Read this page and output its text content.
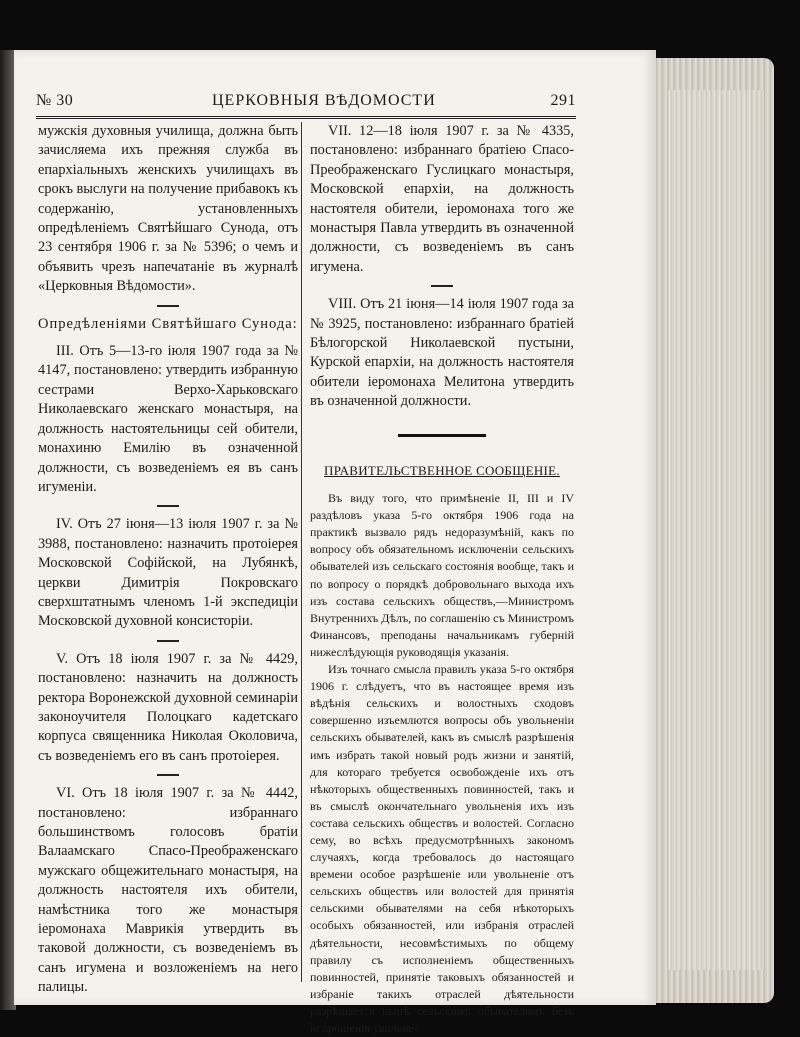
№ 30	ЦЕРКОВНЫЯ ВѢДОМОСТИ	291

мужскія духовныя училища, должна быть зачисляема ихъ прежняя служба въ епархіальныхъ женскихъ училищахъ въ срокъ выслуги на получение прибавокъ къ содержанію, установленныхъ опредѣленіемъ Святѣйшаго Сунода, отъ 23 сентября 1906 г. за № 5396; о чемъ и объявить чрезъ напечатаніе въ журналѣ «Церковныя Вѣдомости».

Опредѣленіями Святѣйшаго Сунода:

III. Отъ 5—13-го іюля 1907 года за № 4147, постановлено: утвердить избранную сестрами Верхо-Харьковскаго Николаевскаго женскаго монастыря, на должность настоятельницы сей обители, монахиню Емилію въ означенной должности, съ возведеніемъ ея въ санъ игуменіи.

IV. Отъ 27 іюня—13 іюля 1907 г. за № 3988, постановлено: назначить протоіерея Московской Софійской, на Лубянкѣ, церкви Димитрія Покровскаго сверхштатнымъ членомъ 1-й экспедиціи Московской духовной консисторіи.

V. Отъ 18 іюля 1907 г. за № 4429, постановлено: назначить на должность ректора Воронежской духовной семинаріи законоучителя Полоцкаго кадетскаго корпуса священника Николая Околовича, съ возведеніемъ его въ санъ протоіерея.

VI. Отъ 18 іюля 1907 г. за № 4442, постановлено: избраннаго большинствомъ голосовъ братіи Валаамскаго Спасо-Преображенскаго мужскаго общежительнаго монастыря, на должность настоятеля ихъ обители, намѣстника того же монастыря іеромонаха Маврикія утвердить въ таковой должности, съ возведеніемъ въ санъ игумена и возложеніемъ на него палицы.

VII. 12—18 іюля 1907 г. за № 4335, постановлено: избраннаго братіею Спасо-Преображенскаго Гуслицкаго монастыря, Московской епархіи, на должность настоятеля обители, іеромонаха того же монастыря Павла утвердить въ означенной должности, съ возведеніемъ въ санъ игумена.

VIII. Отъ 21 іюня—14 іюля 1907 года за № 3925, постановлено: избраннаго братіей Бѣлогорской Николаевской пустыни, Курской епархіи, на должность настоятеля обители іеромонаха Мелитона утвердить въ означенной должности.

ПРАВИТЕЛЬСТВЕННОЕ СООБЩЕНІЕ.

Въ виду того, что примѣненіе II, III и IV раздѣловъ указа 5-го октября 1906 года на практикѣ вызвало рядъ недоразумѣній, какъ по вопросу объ обязательномъ исключеніи сельскихъ обывателей изъ сельскаго состоянія вообще, такъ и по вопросу о порядкѣ добровольнаго выхода ихъ изъ состава сельскихъ обществъ,—Министромъ Внутреннихъ Дѣлъ, по соглашенію съ Министромъ Финансовъ, преподаны начальникамъ губерній нижеслѣдующія руководящія указанія.

Изъ точнаго смысла правилъ указа 5-го октября 1906 г. слѣдуетъ, что въ настоящее время изъ вѣдѣнія сельскихъ и волостныхъ сходовъ совершенно изъемлются вопросы объ увольненіи сельскихъ обывателей, какъ въ смыслѣ разрѣшенія имъ избрать такой новый родъ жизни и занятій, для котораго требуется освобожденіе ихъ отъ нѣкоторыхъ общественныхъ повинностей, такъ и въ смыслѣ окончательнаго увольненія ихъ изъ состава сельскихъ обществъ и волостей. Согласно сему, во всѣхъ предусмотрѣнныхъ закономъ случаяхъ, когда требовалось до настоящаго времени особое разрѣшеніе или увольненіе отъ сельскихъ обществъ или волостей для принятія сельскими обывателями на себя нѣкоторыхъ особыхъ обязанностей, или избранія отраслей дѣятельности, несовмѣстимыхъ по общему правилу съ исполненіемъ общественныхъ повинностей, принятіе таковыхъ обязанностей и избраніе такихъ отраслей дѣятельности разрѣшается нынѣ сельскимъ обывателямъ безъ испрошенія увольне-
